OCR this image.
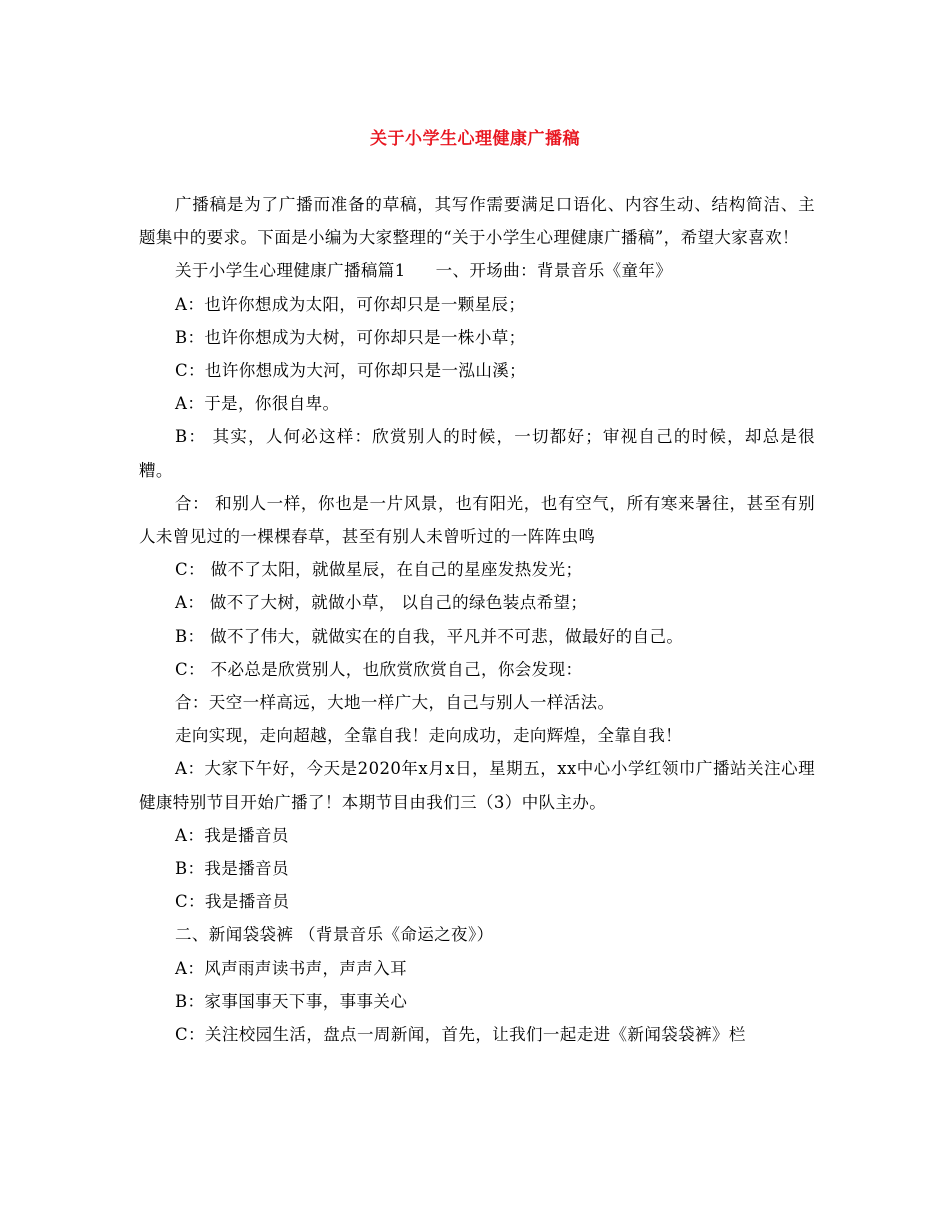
关于小学生心理健康广播稿

广播稿是为了广播而准备的草稿，其写作需要满足口语化、内容生动、结构简洁、主题集中的要求。下面是小编为大家整理的“关于小学生心理健康广播稿”，希望大家喜欢！

关于小学生心理健康广播稿篇1 一、开场曲：背景音乐《童年》

A：也许你想成为太阳，可你却只是一颗星辰；

B：也许你想成为大树，可你却只是一株小草；

C：也许你想成为大河，可你却只是一泓山溪；

A：于是，你很自卑。

B： 其实，人何必这样：欣赏别人的时候，一切都好；审视自己的时候，却总是很糟。

合： 和别人一样，你也是一片风景，也有阳光，也有空气，所有寒来暑往，甚至有别人未曾见过的一棵棵春草，甚至有别人未曾听过的一阵阵虫鸣

C： 做不了太阳，就做星辰，在自己的星座发热发光；

A： 做不了大树，就做小草， 以自己的绿色装点希望；

B： 做不了伟大，就做实在的自我，平凡并不可悲，做最好的自己。

C： 不必总是欣赏别人，也欣赏欣赏自己，你会发现：

合：天空一样高远，大地一样广大，自己与别人一样活法。

走向实现，走向超越，全靠自我！走向成功，走向辉煌，全靠自我！

A：大家下午好，今天是2020年x月x日，星期五，xx中心小学红领巾广播站关注心理健康特别节目开始广播了！本期节目由我们三（3）中队主办。

A：我是播音员

B：我是播音员

C：我是播音员

二、新闻袋袋裤 （背景音乐《命运之夜》）

A：风声雨声读书声，声声入耳

B：家事国事天下事，事事关心

C：关注校园生活，盘点一周新闻，首先，让我们一起走进《新闻袋袋裤》栏
